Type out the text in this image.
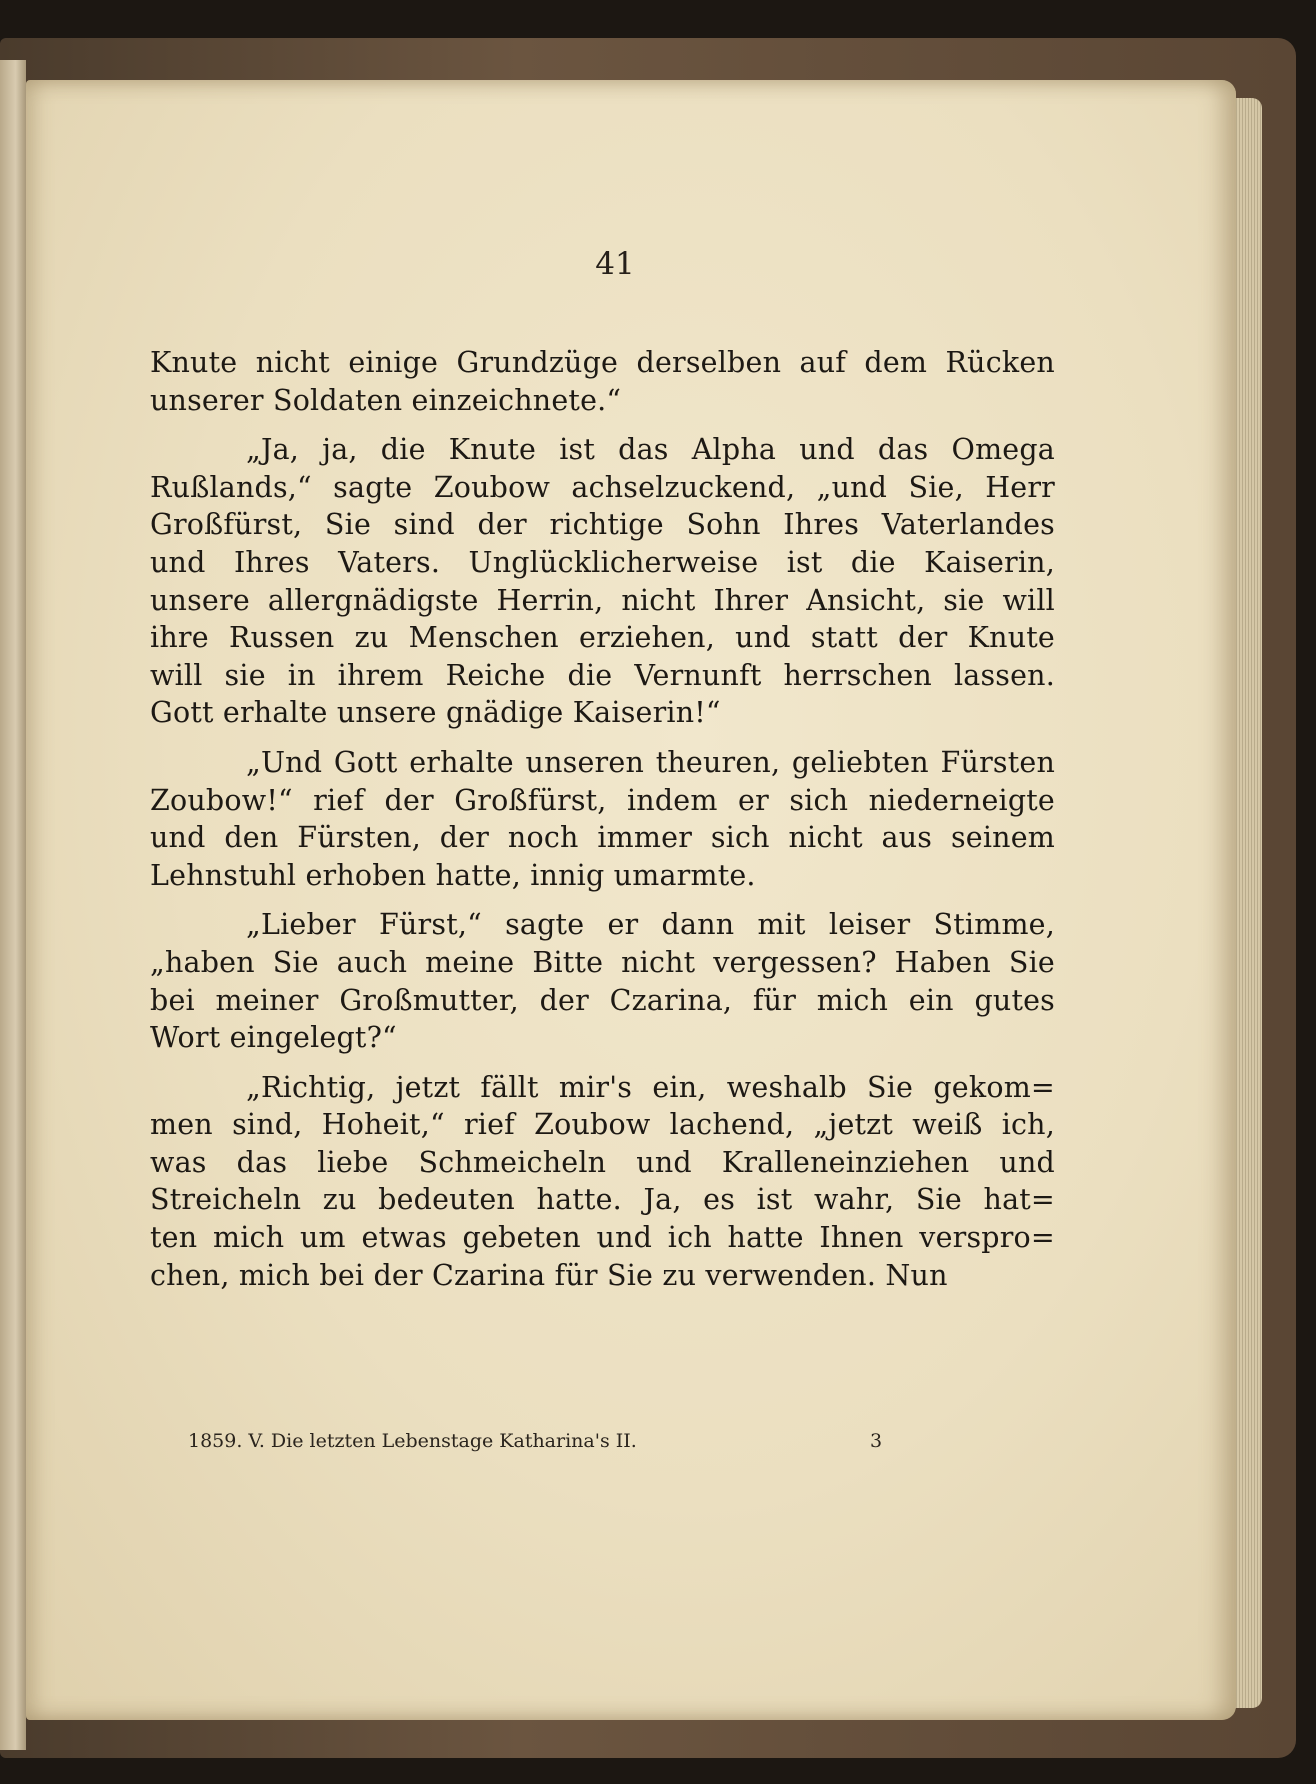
41
Knute nicht einige Grundzüge derselben auf dem Rücken
unserer Soldaten einzeichnete.“
„Ja, ja, die Knute ist das Alpha und das Omega
Rußlands,“ sagte Zoubow achselzuckend, „und Sie, Herr
Großfürst, Sie sind der richtige Sohn Ihres Vaterlandes
und Ihres Vaters. Unglücklicherweise ist die Kaiserin,
unsere allergnädigste Herrin, nicht Ihrer Ansicht, sie will
ihre Russen zu Menschen erziehen, und statt der Knute
will sie in ihrem Reiche die Vernunft herrschen lassen.
Gott erhalte unsere gnädige Kaiserin!“
„Und Gott erhalte unseren theuren, geliebten Fürsten
Zoubow!“ rief der Großfürst, indem er sich niederneigte
und den Fürsten, der noch immer sich nicht aus seinem
Lehnstuhl erhoben hatte, innig umarmte.
„Lieber Fürst,“ sagte er dann mit leiser Stimme,
„haben Sie auch meine Bitte nicht vergessen? Haben Sie
bei meiner Großmutter, der Czarina, für mich ein gutes
Wort eingelegt?“
„Richtig, jetzt fällt mir's ein, weshalb Sie gekom=
men sind, Hoheit,“ rief Zoubow lachend, „jetzt weiß ich,
was das liebe Schmeicheln und Kralleneinziehen und
Streicheln zu bedeuten hatte. Ja, es ist wahr, Sie hat=
ten mich um etwas gebeten und ich hatte Ihnen verspro=
chen, mich bei der Czarina für Sie zu verwenden. Nun
1859. V. Die letzten Lebenstage Katharina's II.	3
